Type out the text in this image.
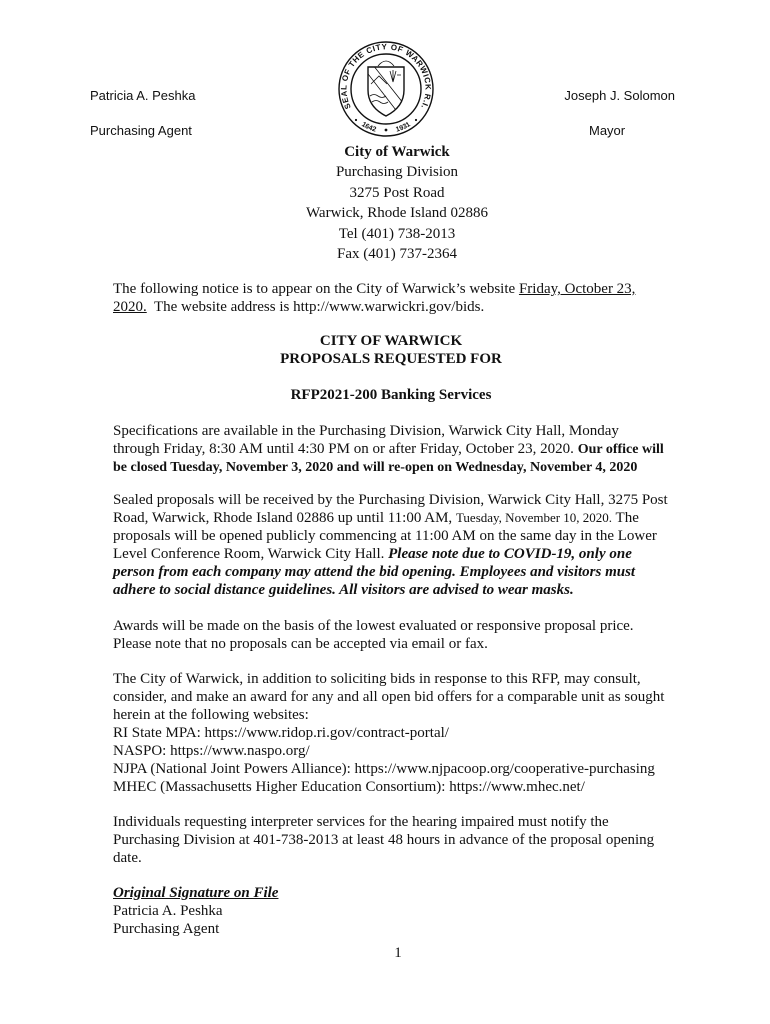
Patricia A. Peshka
Purchasing Agent
Joseph J. Solomon
Mayor
SEAL OF THE CITY OF WARWICK R.I.
1642	1931
City of Warwick
Purchasing Division
3275 Post Road
Warwick, Rhode Island 02886
Tel (401) 738-2013
Fax (401) 737-2364
The following notice is to appear on the City of Warwick’s website Friday, October 23,
2020.  The website address is http://www.warwickri.gov/bids.
CITY OF WARWICK
PROPOSALS REQUESTED FOR
RFP2021-200 Banking Services
Specifications are available in the Purchasing Division, Warwick City Hall, Monday
through Friday, 8:30 AM until 4:30 PM on or after Friday, October 23, 2020. Our office will
be closed Tuesday, November 3, 2020 and will re-open on Wednesday, November 4, 2020
Sealed proposals will be received by the Purchasing Division, Warwick City Hall, 3275 Post
Road, Warwick, Rhode Island 02886 up until 11:00 AM, Tuesday, November 10, 2020. The
proposals will be opened publicly commencing at 11:00 AM on the same day in the Lower
Level Conference Room, Warwick City Hall. Please note due to COVID-19, only one
person from each company may attend the bid opening. Employees and visitors must
adhere to social distance guidelines. All visitors are advised to wear masks.
Awards will be made on the basis of the lowest evaluated or responsive proposal price.
Please note that no proposals can be accepted via email or fax.
The City of Warwick, in addition to soliciting bids in response to this RFP, may consult,
consider, and make an award for any and all open bid offers for a comparable unit as sought
herein at the following websites:
RI State MPA: https://www.ridop.ri.gov/contract-portal/
NASPO: https://www.naspo.org/
NJPA (National Joint Powers Alliance): https://www.njpacoop.org/cooperative-purchasing
MHEC (Massachusetts Higher Education Consortium): https://www.mhec.net/
Individuals requesting interpreter services for the hearing impaired must notify the
Purchasing Division at 401-738-2013 at least 48 hours in advance of the proposal opening
date.
Original Signature on File
Patricia A. Peshka
Purchasing Agent
1
